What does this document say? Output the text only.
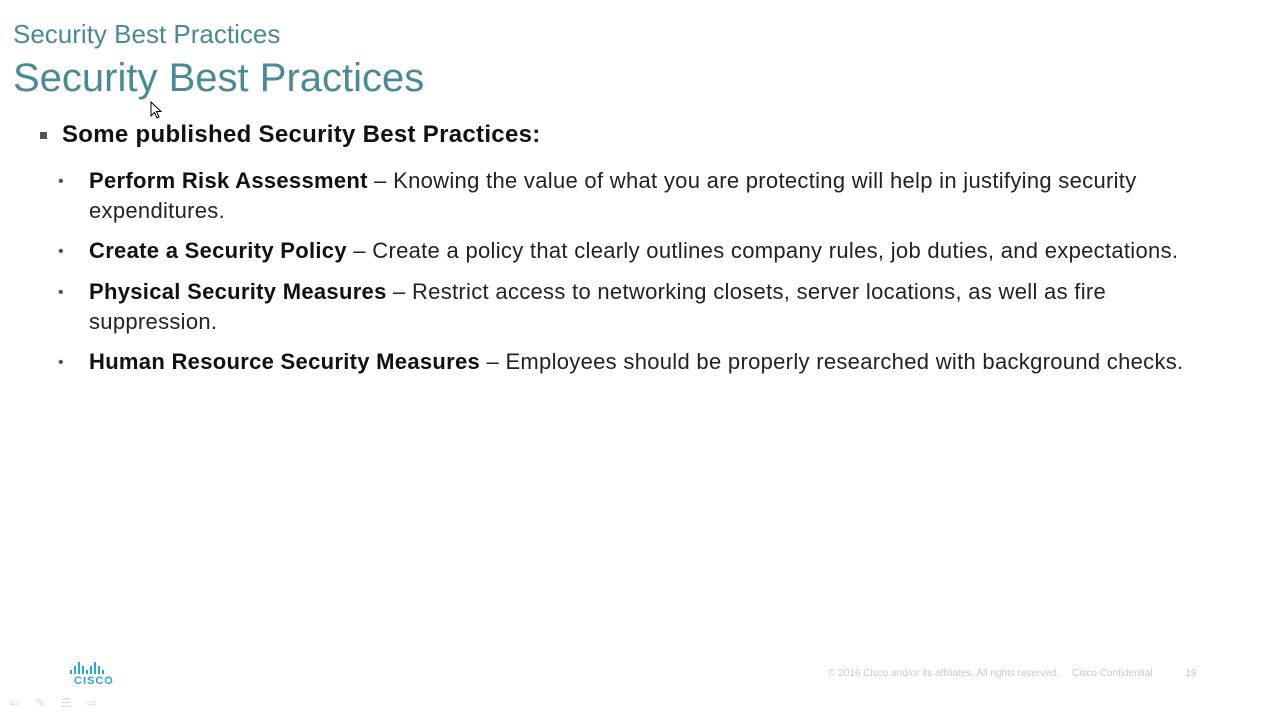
Security Best Practices
Security Best Practices
Some published Security Best Practices:
•	Perform Risk Assessment – Knowing the value of what you are protecting will help in justifying security expenditures.
•	Create a Security Policy – Create a policy that clearly outlines company rules, job duties, and expectations.
•	Physical Security Measures – Restrict access to networking closets, server locations, as well as fire suppression.
•	Human Resource Security Measures – Employees should be properly researched with background checks.
CISCO
© 2016 Cisco and/or its affiliates. All rights reserved. Cisco Confidential	19
⇦ ✎ ☰ ⇨
